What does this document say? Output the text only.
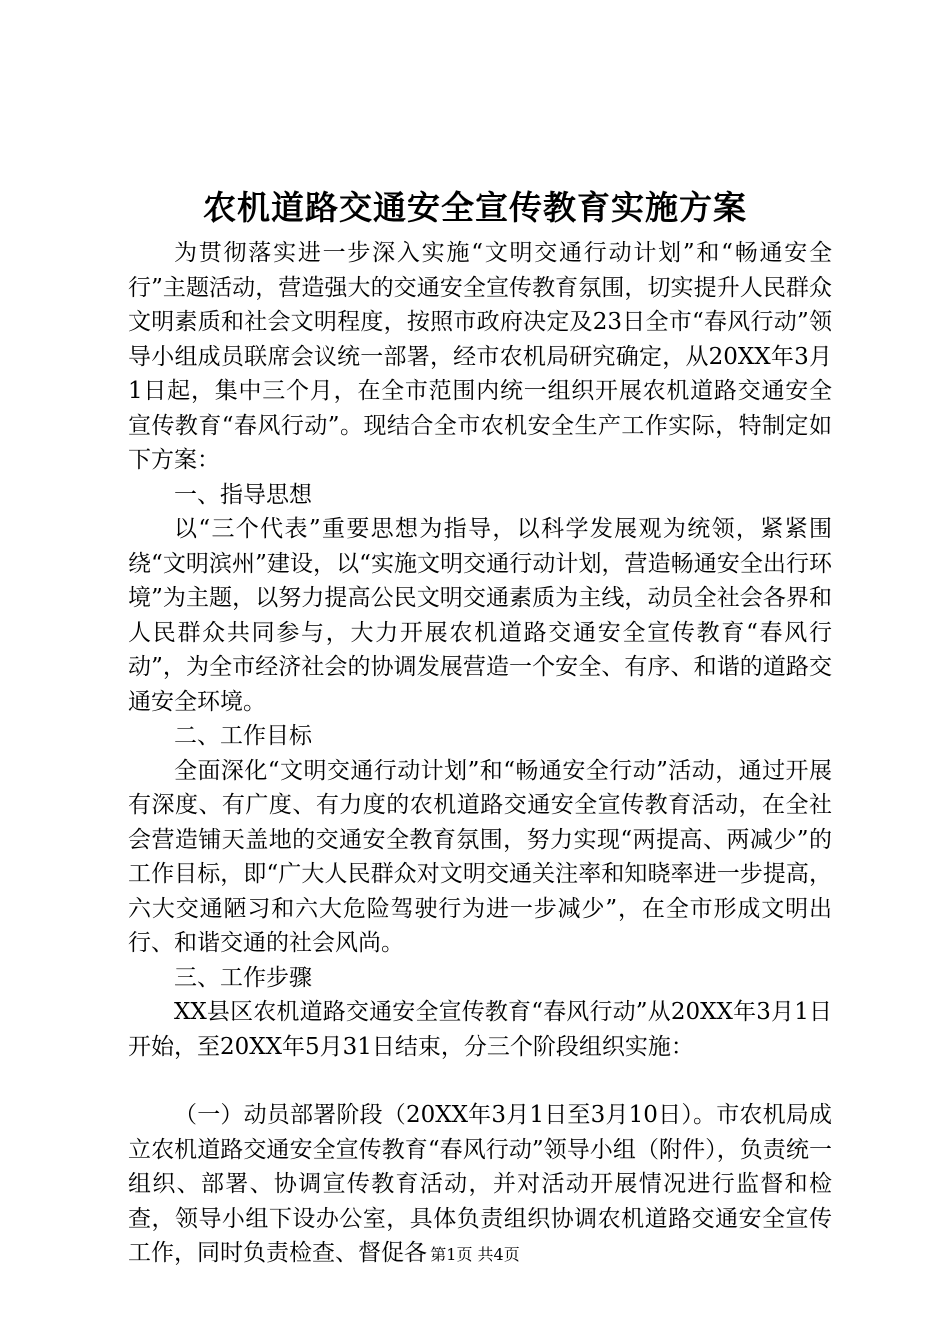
农机道路交通安全宣传教育实施方案

为贯彻落实进一步深入实施“文明交通行动计划”和“畅通安全行”主题活动，营造强大的交通安全宣传教育氛围，切实提升人民群众文明素质和社会文明程度，按照市政府决定及23日全市“春风行动”领导小组成员联席会议统一部署，经市农机局研究确定，从20XX年3月1日起，集中三个月，在全市范围内统一组织开展农机道路交通安全宣传教育“春风行动”。现结合全市农机安全生产工作实际，特制定如下方案：

一、指导思想

以“三个代表”重要思想为指导，以科学发展观为统领，紧紧围绕“文明滨州”建设，以“实施文明交通行动计划，营造畅通安全出行环境”为主题，以努力提高公民文明交通素质为主线，动员全社会各界和人民群众共同参与，大力开展农机道路交通安全宣传教育“春风行动”，为全市经济社会的协调发展营造一个安全、有序、和谐的道路交通安全环境。

二、工作目标

全面深化“文明交通行动计划”和“畅通安全行动”活动，通过开展有深度、有广度、有力度的农机道路交通安全宣传教育活动，在全社会营造铺天盖地的交通安全教育氛围，努力实现“两提高、两减少”的工作目标，即“广大人民群众对文明交通关注率和知晓率进一步提高，六大交通陋习和六大危险驾驶行为进一步减少”，在全市形成文明出行、和谐交通的社会风尚。

三、工作步骤

XX县区农机道路交通安全宣传教育“春风行动”从20XX年3月1日开始，至20XX年5月31日结束，分三个阶段组织实施：

（一）动员部署阶段（20XX年3月1日至3月10日）。市农机局成立农机道路交通安全宣传教育“春风行动”领导小组（附件），负责统一组织、部署、协调宣传教育活动，并对活动开展情况进行监督和检查，领导小组下设办公室，具体负责组织协调农机道路交通安全宣传工作，同时负责检查、督促各 第1页 共4页
